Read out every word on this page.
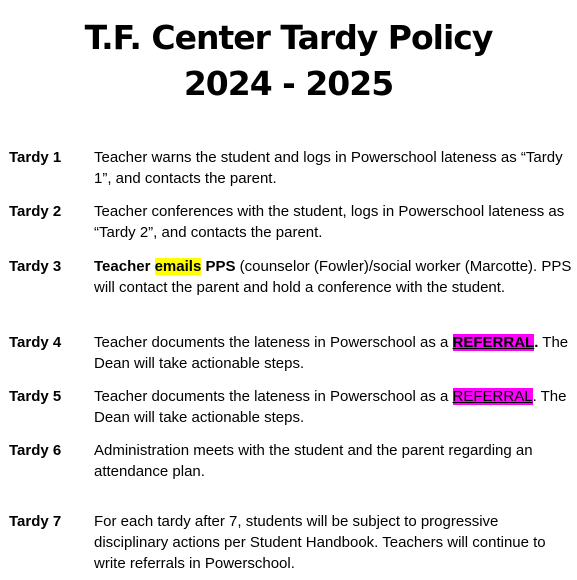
T.F. Center Tardy Policy
2024 - 2025
Tardy 1 Teacher warns the student and logs in Powerschool lateness as “Tardy 1”, and contacts the parent.
Tardy 2 Teacher conferences with the student, logs in Powerschool lateness as “Tardy 2”, and contacts the parent.
Tardy 3 Teacher emails PPS (counselor (Fowler)/social worker (Marcotte). PPS will contact the parent and hold a conference with the student.
Tardy 4 Teacher documents the lateness in Powerschool as a REFERRAL. The Dean will take actionable steps.
Tardy 5 Teacher documents the lateness in Powerschool as a REFERRAL. The Dean will take actionable steps.
Tardy 6 Administration meets with the student and the parent regarding an attendance plan.
Tardy 7 For each tardy after 7, students will be subject to progressive disciplinary actions per Student Handbook. Teachers will continue to write referrals in Powerschool.
